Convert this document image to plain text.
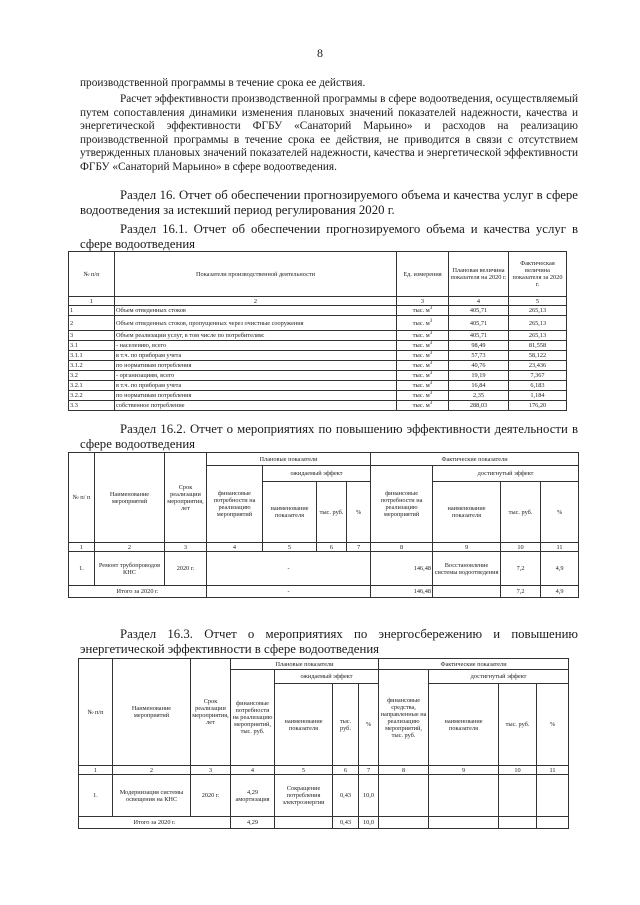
8
производственной программы в течение срока ее действия.
Расчет эффективности производственной программы в сфере водоотведения, осуществляемый путем сопоставления динамики изменения плановых значений показателей надежности, качества и энергетической эффективности ФГБУ «Санаторий Марьино» и расходов на реализацию производственной программы в течение срока ее действия, не приводится в связи с отсутствием утвержденных плановых значений показателей надежности, качества и энергетической эффективности ФГБУ «Санаторий Марьино» в сфере водоотведения.
Раздел 16. Отчет об обеспечении прогнозируемого объема и качества услуг в сфере водоотведения за истекший период регулирования 2020 г.
Раздел 16.1. Отчет об обеспечении прогнозируемого объема и качества услуг в сфере водоотведения
№ п/п	Показатели производственной деятельности	Ед. измерения	Плановая величина показателя на 2020 г.	Фактическая величина показателя за 2020 г.
1	2	3	4	5
1	Объем отведенных стоков	тыс. $м^3$	405,71	265,13
2	Объем отведенных стоков, пропущенных через очистные сооружения	тыс. $м^3$	405,71	265,13
3	Объем реализации услуг, в том числе по потребителям:	тыс. $м^3$	405,71	265,13
3.1	- населению, всего	тыс. $м^3$	98,49	81,558
3.1.1	в т.ч. по приборам учета	тыс. $м^3$	57,73	58,122
3.1.2	по нормативам потребления	тыс. $м^3$	40,76	23,436
3.2	- организациям, всего	тыс. $м^3$	19,19	7,367
3.2.1	в т.ч. по приборам учета	тыс. $м^3$	16,84	6,183
3.2.2	по нормативам потребления	тыс. $м^3$	2,35	1,184
3.3	собственное потребление	тыс. $м^3$	288,03	176,20
Раздел 16.2. Отчет о мероприятиях по повышению эффективности деятельности в сфере водоотведения
№ п/ п	Наименование мероприятий	Срок реализации мероприятия, лет	Плановые показатели				Фактические показатели			
			финансовые потребности на реализацию мероприятий	ожидаемый эффект			финансовые потребности на реализацию мероприятий	достигнутый эффект		
				наименование показателя	тыс. руб.	%		наименование показателя	тыс. руб.	%
1	2	3	4	5	6	7	8	9	10	11
1.	Ремонт трубопроводов КНС	2020 г.	-				146,48	Восстановление системы водоотведения	7,2	4,9
Итого за 2020 г.			-				146,48		7,2	4,9
Раздел 16.3. Отчет о мероприятиях по энергосбережению и повышению энергетической эффективности в сфере водоотведения
№ п/п	Наименование мероприятий	Срок реализации мероприятия, лет	Плановые показатели				Фактические показатели			
			финансовые потребности на реализацию мероприятий, тыс. руб.	ожидаемый эффект			финансовые средства, направленные на реализацию мероприятий, тыс. руб.	достигнутый эффект		
				наименование показателя	тыс. руб.	%		наименование показателя	тыс. руб.	%
1	2	3	4	5	6	7	8	9	10	11
1.	Модернизация системы освещения на КНС	2020 г.	4,29 амортизация	Сокращение потребления электроэнергии	0,43	10,0				
Итого за 2020 г.			4,29		0,43	10,0				
